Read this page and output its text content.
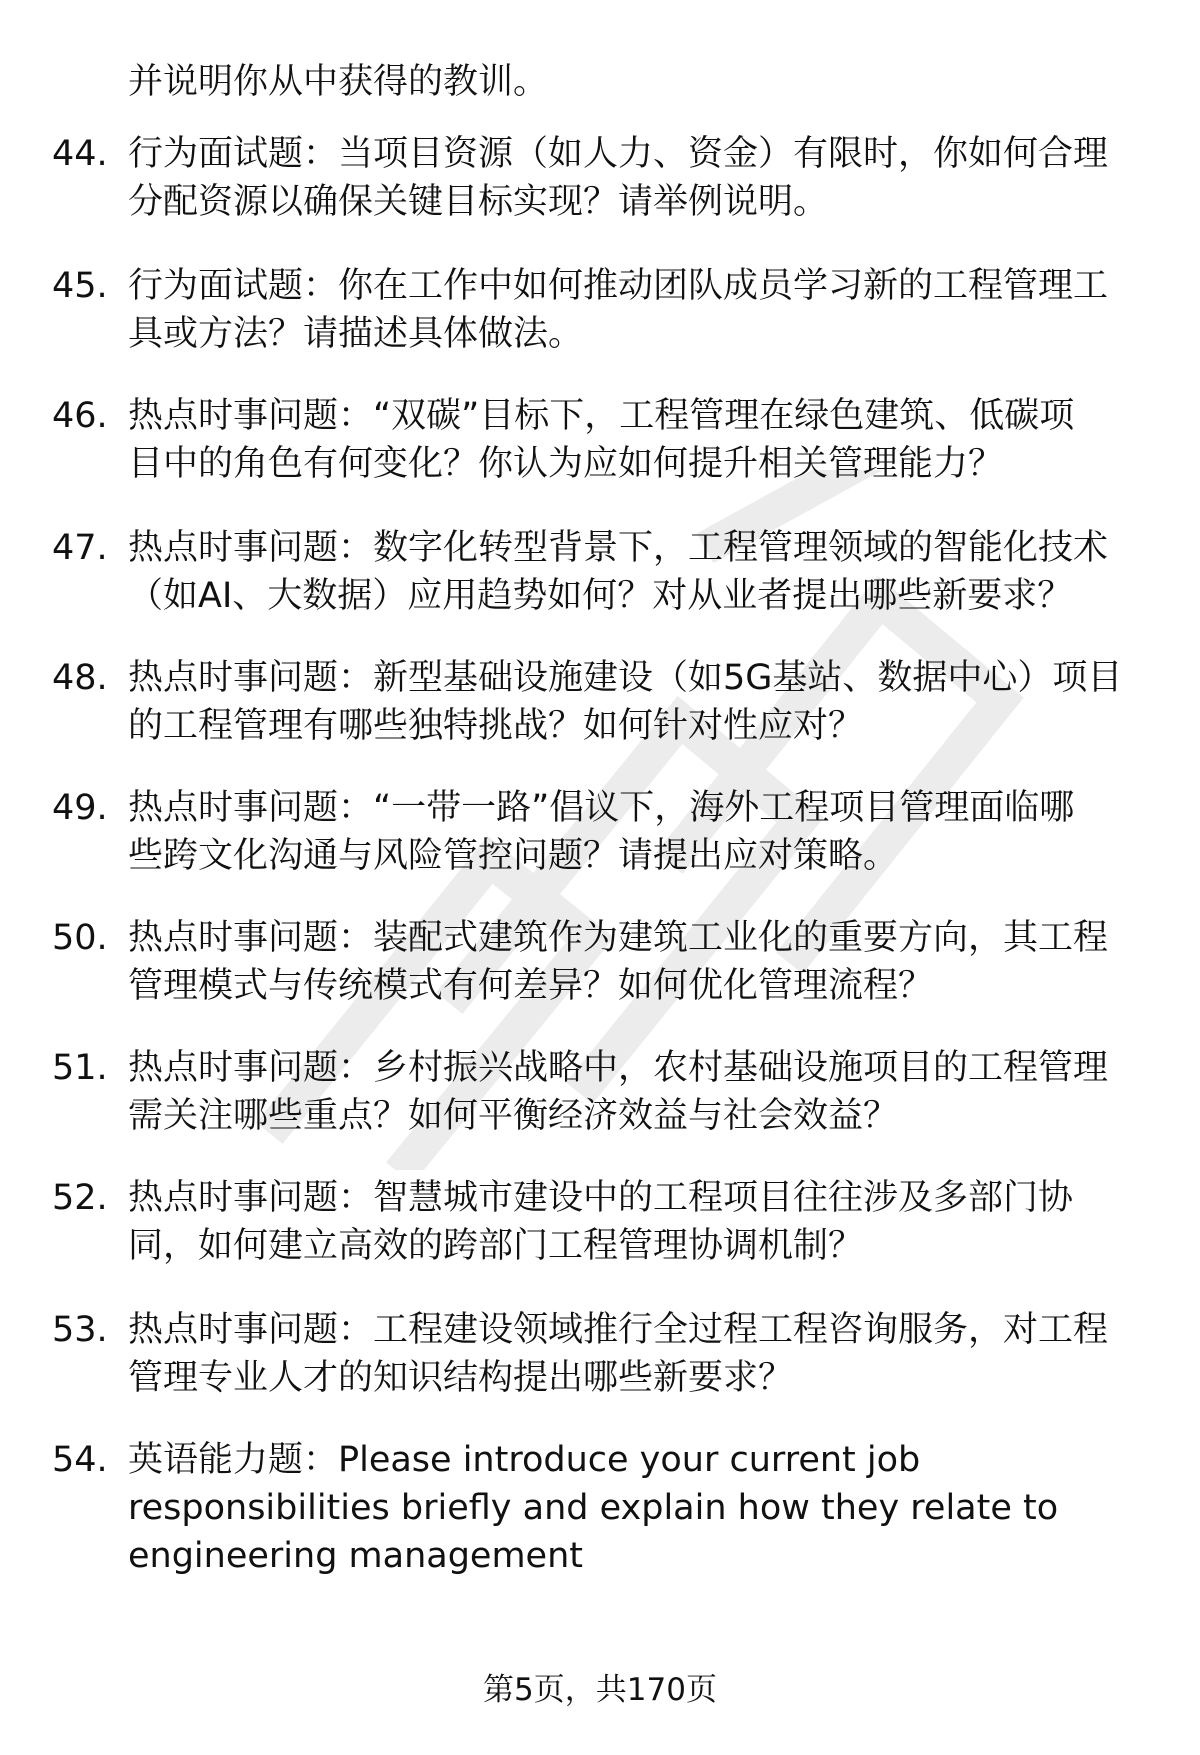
并说明你从中获得的教训。
44. 行为面试题：当项目资源（如人力、资金）有限时，你如何合理
分配资源以确保关键目标实现？请举例说明。
45. 行为面试题：你在工作中如何推动团队成员学习新的工程管理工
具或方法？请描述具体做法。
46. 热点时事问题：“双碳”目标下，工程管理在绿色建筑、低碳项
目中的角色有何变化？你认为应如何提升相关管理能力？
47. 热点时事问题：数字化转型背景下，工程管理领域的智能化技术
（如AI、大数据）应用趋势如何？对从业者提出哪些新要求？
48. 热点时事问题：新型基础设施建设（如5G基站、数据中心）项目
的工程管理有哪些独特挑战？如何针对性应对？
49. 热点时事问题：“一带一路”倡议下，海外工程项目管理面临哪
些跨文化沟通与风险管控问题？请提出应对策略。
50. 热点时事问题：装配式建筑作为建筑工业化的重要方向，其工程
管理模式与传统模式有何差异？如何优化管理流程？
51. 热点时事问题：乡村振兴战略中，农村基础设施项目的工程管理
需关注哪些重点？如何平衡经济效益与社会效益？
52. 热点时事问题：智慧城市建设中的工程项目往往涉及多部门协
同，如何建立高效的跨部门工程管理协调机制？
53. 热点时事问题：工程建设领域推行全过程工程咨询服务，对工程
管理专业人才的知识结构提出哪些新要求？
54. 英语能力题：Please introduce your current job
responsibilities briefly and explain how they relate to
engineering management
第5页，共170页
